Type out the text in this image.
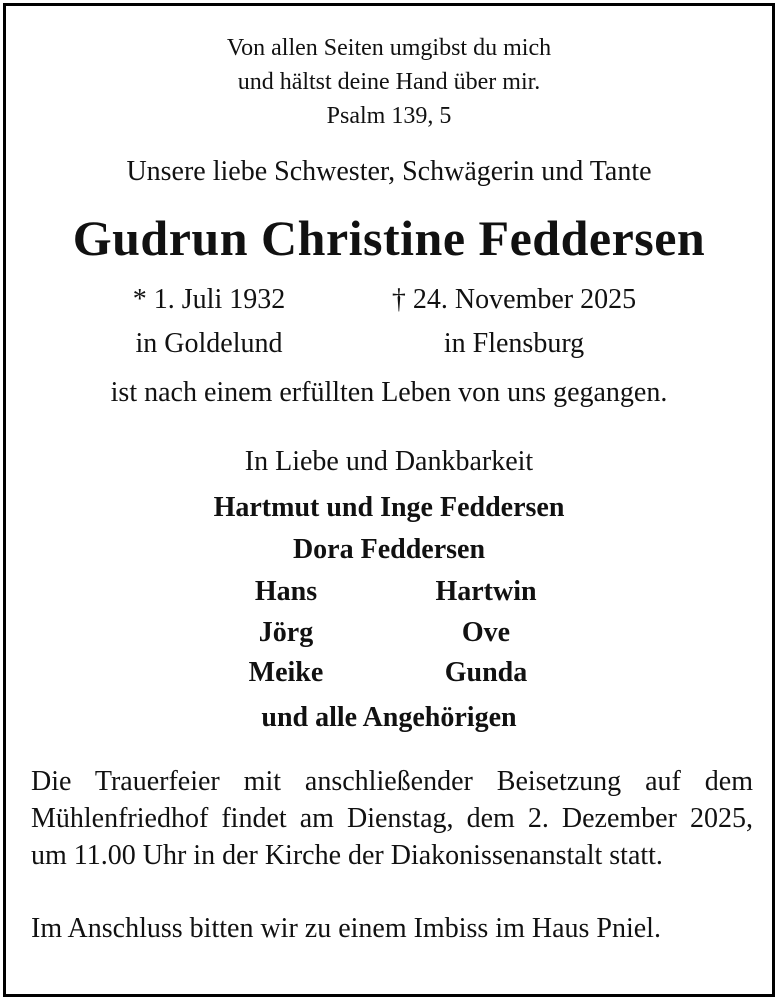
Von allen Seiten umgibst du mich
und hältst deine Hand über mir.
Psalm 139, 5
Unsere liebe Schwester, Schwägerin und Tante
Gudrun Christine Feddersen
* 1. Juli 1932	† 24. November 2025
in Goldelund	in Flensburg
ist nach einem erfüllten Leben von uns gegangen.
In Liebe und Dankbarkeit
Hartmut und Inge Feddersen
Dora Feddersen
Hans	Hartwin
Jörg	Ove
Meike	Gunda
und alle Angehörigen
Die Trauerfeier mit anschließender Beisetzung auf dem Mühlenfriedhof findet am Dienstag, dem 2. Dezember 2025, um 11.00 Uhr in der Kirche der Diakonissenanstalt statt.
Im Anschluss bitten wir zu einem Imbiss im Haus Pniel.
